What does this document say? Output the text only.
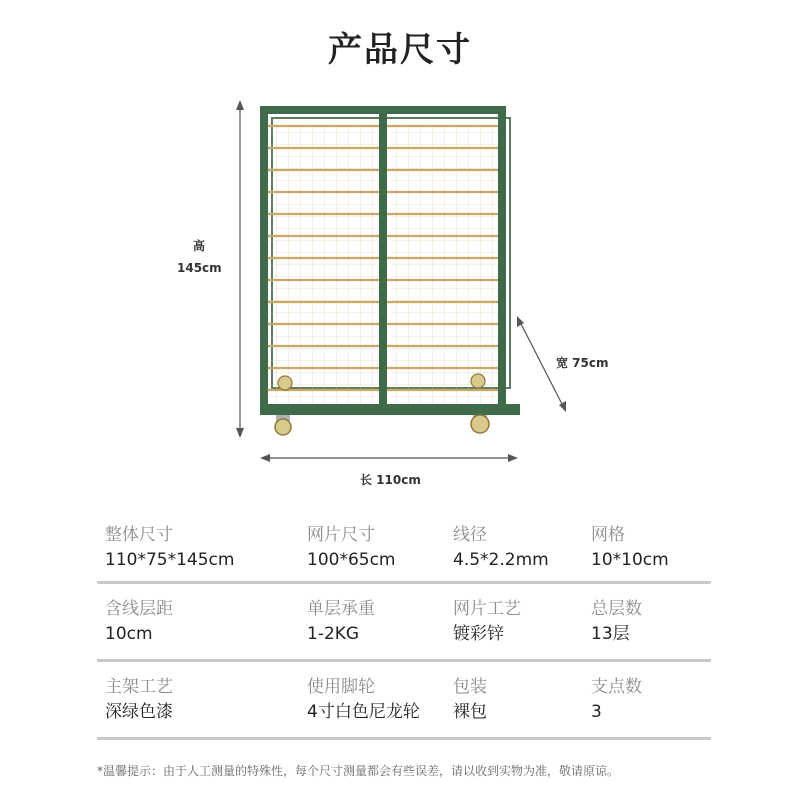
产品尺寸
高
145cm
宽 75cm
长 110cm
整体尺寸
110*75*145cm
网片尺寸
100*65cm
线径
4.5*2.2mm
网格
10*10cm
含线层距
10cm
单层承重
1-2KG
网片工艺
镀彩锌
总层数
13层
主架工艺
深绿色漆
使用脚轮
4寸白色尼龙轮
包装
裸包
支点数
3
*温馨提示：由于人工测量的特殊性，每个尺寸测量都会有些误差，请以收到实物为准，敬请原谅。
